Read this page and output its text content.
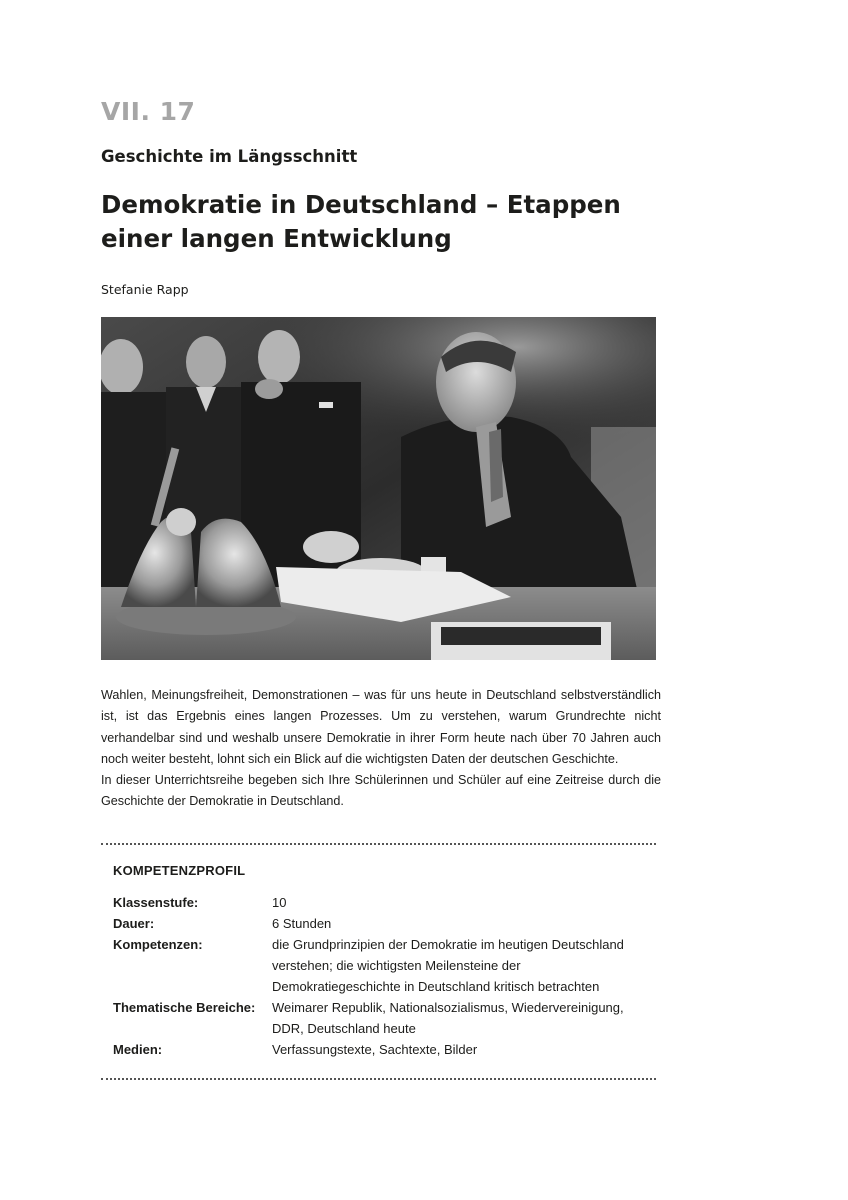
VII. 17
Geschichte im Längsschnitt
Demokratie in Deutschland – Etappen
einer langen Entwicklung
Stefanie Rapp

Wahlen, Meinungsfreiheit, Demonstrationen – was für uns heute in Deutschland selbstverständlich ist, ist das Ergebnis eines langen Prozesses. Um zu verstehen, warum Grundrechte nicht verhandelbar sind und weshalb unsere Demokratie in ihrer Form heute nach über 70 Jahren auch noch weiter besteht, lohnt sich ein Blick auf die wichtigsten Daten der deutschen Geschichte.

In dieser Unterrichtsreihe begeben sich Ihre Schülerinnen und Schüler auf eine Zeitreise durch die Geschichte der Demokratie in Deutschland.

KOMPETENZPROFIL
Klassenstufe:	10
Dauer:	6 Stunden
Kompetenzen:	die Grundprinzipien der Demokratie im heutigen Deutschland verstehen; die wichtigsten Meilensteine der Demokratiegeschichte in Deutschland kritisch betrachten
Thematische Bereiche:	Weimarer Republik, Nationalsozialismus, Wiedervereinigung, DDR, Deutschland heute
Medien:	Verfassungstexte, Sachtexte, Bilder
